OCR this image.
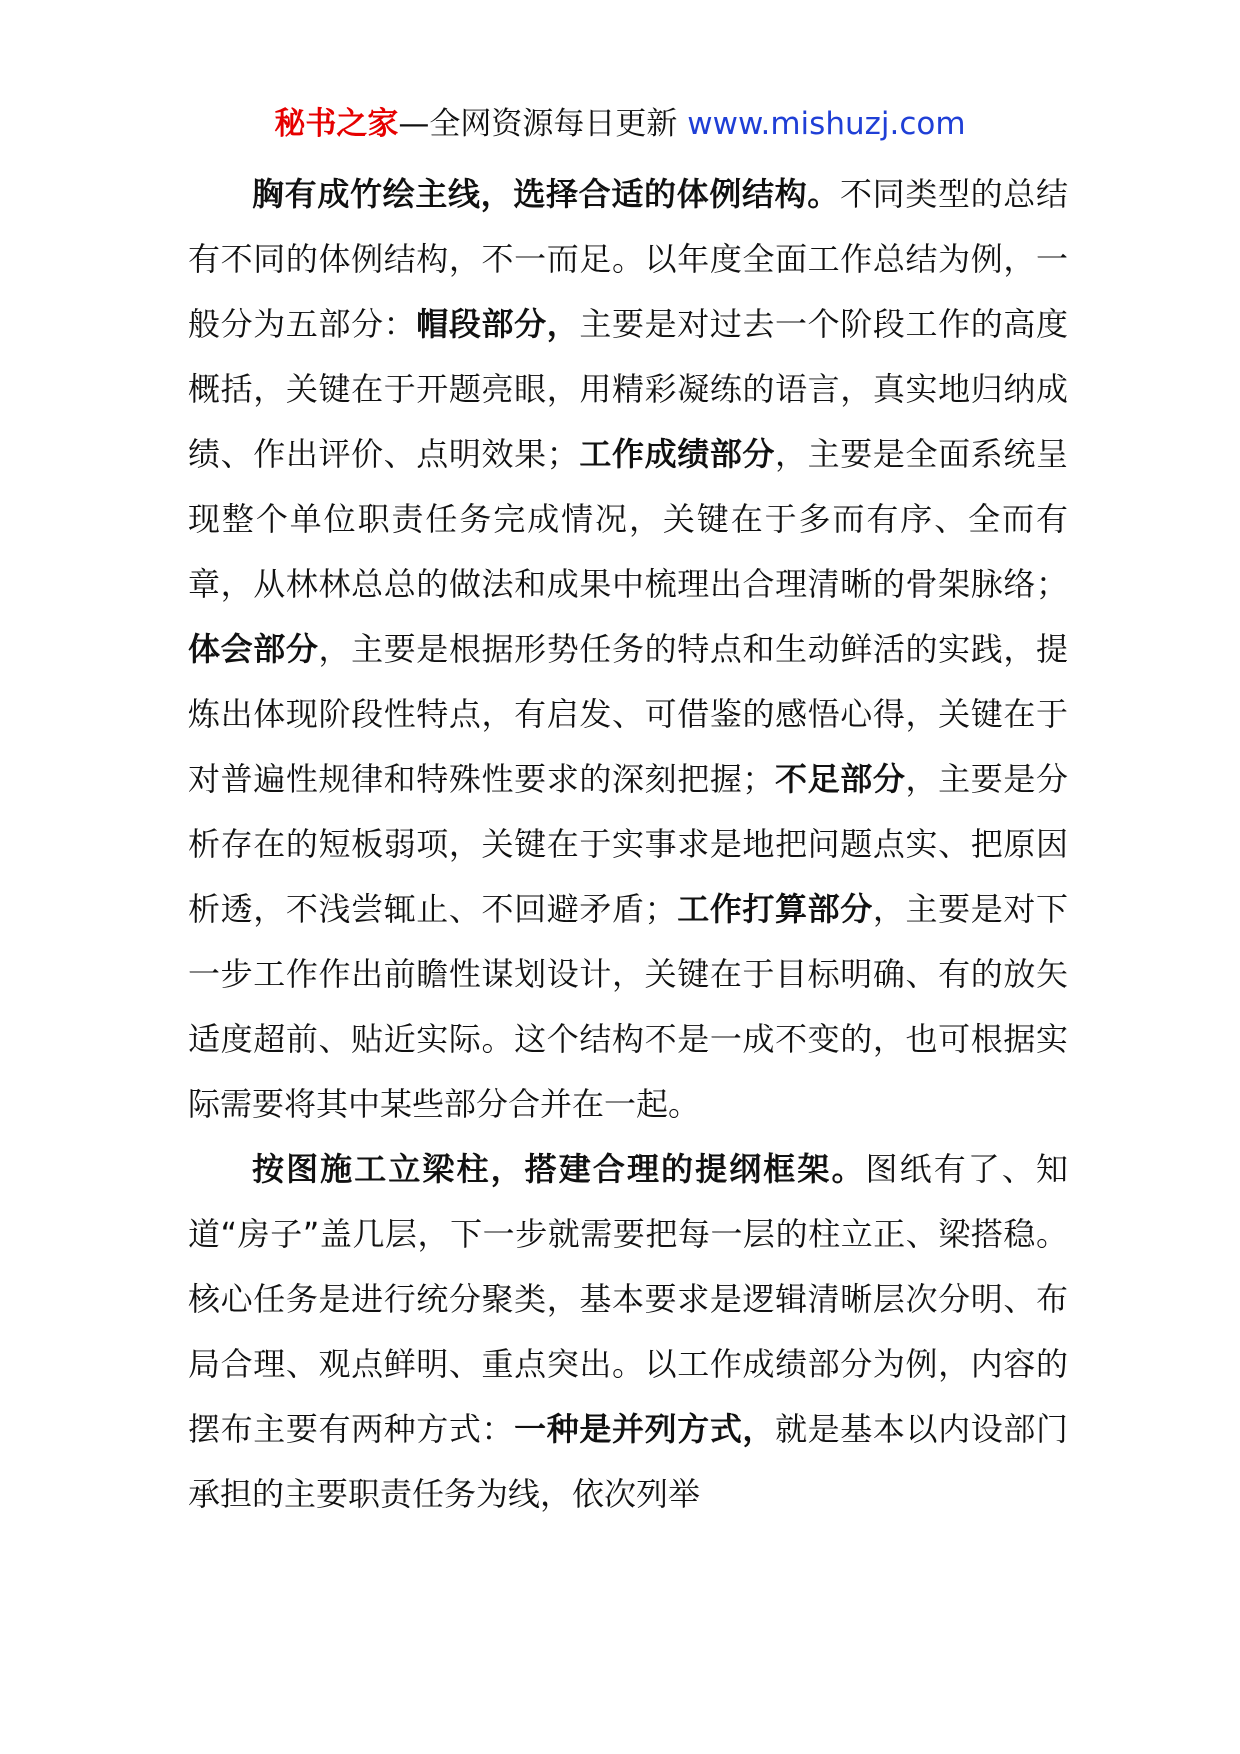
秘书之家—全网资源每日更新 www.mishuzj.com

胸有成竹绘主线，选择合适的体例结构。不同类型的总结有不同的体例结构，不一而足。以年度全面工作总结为例，一般分为五部分：帽段部分，主要是对过去一个阶段工作的高度概括，关键在于开题亮眼，用精彩凝练的语言，真实地归纳成绩、作出评价、点明效果；工作成绩部分，主要是全面系统呈现整个单位职责任务完成情况，关键在于多而有序、全而有章，从林林总总的做法和成果中梳理出合理清晰的骨架脉络；体会部分，主要是根据形势任务的特点和生动鲜活的实践，提炼出体现阶段性特点，有启发、可借鉴的感悟心得，关键在于对普遍性规律和特殊性要求的深刻把握；不足部分，主要是分析存在的短板弱项，关键在于实事求是地把问题点实、把原因析透，不浅尝辄止、不回避矛盾；工作打算部分，主要是对下一步工作作出前瞻性谋划设计，关键在于目标明确、有的放矢适度超前、贴近实际。这个结构不是一成不变的，也可根据实际需要将其中某些部分合并在一起。

按图施工立梁柱，搭建合理的提纲框架。图纸有了、知道“房子”盖几层，下一步就需要把每一层的柱立正、梁搭稳。核心任务是进行统分聚类，基本要求是逻辑清晰层次分明、布局合理、观点鲜明、重点突出。以工作成绩部分为例，内容的摆布主要有两种方式：一种是并列方式，就是基本以内设部门承担的主要职责任务为线，依次列举
